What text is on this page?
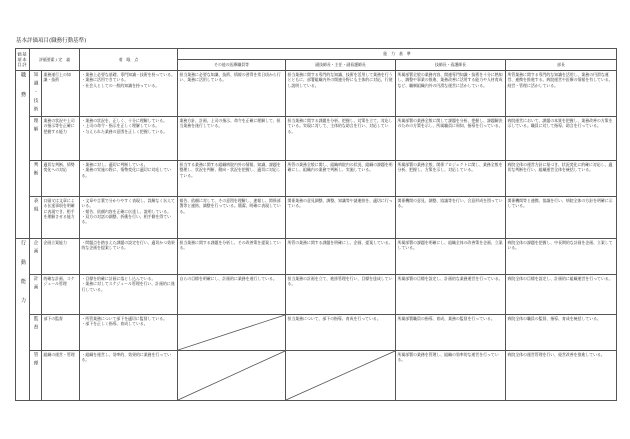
基本評価項目(職務行動基準)
基本評価項目	評価要素 / 定　義		着　眼　点	能　力　基　準			
				その他の医療職員等	副技師長・主任・副看護師長	技師長・看護師長	部長

職務	知識・技術	業務遂行上の知識・技術	・業務上必要な基礎、専門知識・技術を持っている。
・業務に活用できている。
・社会人としての一般的知識を持っている。	担当業務に必要な知識、技術、情報の習得を常日頃から行い、業務に活用している。	担当業務に関する専門的な知識、技術を活用して業務を行うとともに、部署組織内外の関連分野にも主体的に対応、行使し説明している。	所属部署全般の業務内容、関連専門知識・技術を十分に熟知し、調整や事業の推進、業務改善に活用する能力や人材育成など、職制組織内外の円滑な運営に活かしている。	所管業務に関する専門的な知識を活用し、業務の円滑な運営、連携を推進する。病院運営や医療の情報を有している。経営・管理に活かしている。

	理解	業務の状況や上司の指示等を正確に把握する能力	・業務の状況を、正しく、十分に理解している。
・上司の命令・指示を正しく理解している。
・与えられた業務の意図を正しく把握している。	業務方針、計画、上司の指示、命令を正確に理解して、担当業務を遂行している。	担当業務に関する課題を分析、把握し、対策を立て、対応している。実現に対して、主体的な助言を行い、対応している。	所属部署の業務全般に関して課題を分析、把握し、課題解決のための方策を示し、所属職員に周知、指導を行っている。	病院運営において、課題の本質を把握し、業務改善の方策を示している。職員に対して指導、助言を行っている。

	判断	適切な判断、情勢変化への対応	・業務に対し、適切に判断している。
・業務の実施の際に、情勢変化に適切に対応している。	担当する業務に関する組織病院内外の情報、知識、課題を整理し、状況を判断、動向・状況を把握し、適切に対応している。	所管の業務全般に関し、組織病院内の状況、組織の課題を明確にし、組織内の業務で判断し、実施している。	所属部署の業務全般、関係プロジェクトに関し、業務全般を分析、把握し、方策を示し、対応している。	病院全体の運営方針に基づき、状況変化に的確に対応し、適切な判断を行い、組織運営全体を統括している。

	表現	口頭又は文章による伝達事項を明確に表現でき、相手を理解させる能力	・文章や言葉で分かりやすく表現し、誤解なく伝えている。
・報告、依頼内容を正確に伝達し、説明している。
・双方の対話の調整、折衝を行い、相手側を得ている。	報告、依頼に対して、その意図を理解し、速報し、関係部署等と連絡、調整を行っている。簡潔、明確に表現している。	関係業務の意見調整、調整、知識等や諸連絡を、適切に行っている。	関係機関の意見、調整、協議等を行い、合意形成を図っている。	関係機関等と連携、協議を行い、病院全体の方針を明確に示している。

行動能力	企画	企画立案能力	・問題点を踏まえた課題の設定を行い、適切かつ効果的な企画を提案している。	担当業務に関する課題を分析し、その改善策を提案している。	所管の業務に関する課題を明確にし、企画、提案している。	所属部署の課題を明確にし、組織全体の改善策を企画、立案している。	病院全体の課題を把握し、中長期的な計画を企画、立案している。

	計画	的確な計画、スケジュール管理	・目標を的確に計画に落とし込んでいる。
・業務に対してスケジュール管理を行い、計画的に遂行している。	自らの目標を明確にし、計画的に業務を遂行している。	担当業務の計画を立て、進捗管理を行い、目標を達成している。	所属部署の目標を設定し、計画的な業務運営を行っている。	病院全体の目標を設定し、計画的に組織運営を行っている。

	監督	部下の監督	・所管業務について部下を適切に監督している。
・部下を正しく指導、育成している。		担当業務について、部下の指導、育成を行っている。	所属部署職員の指導、育成、業務の監督を行っている。	病院全体の職員の監督、指導、育成を統括している。

	管理	組織の運営・管理	・組織を運営し、効率的、効果的に業務を行っている。			所属部署の業務を管理し、組織の効率的な運営を行っている。	病院全体の運営管理を行い、経営改善を推進している。
